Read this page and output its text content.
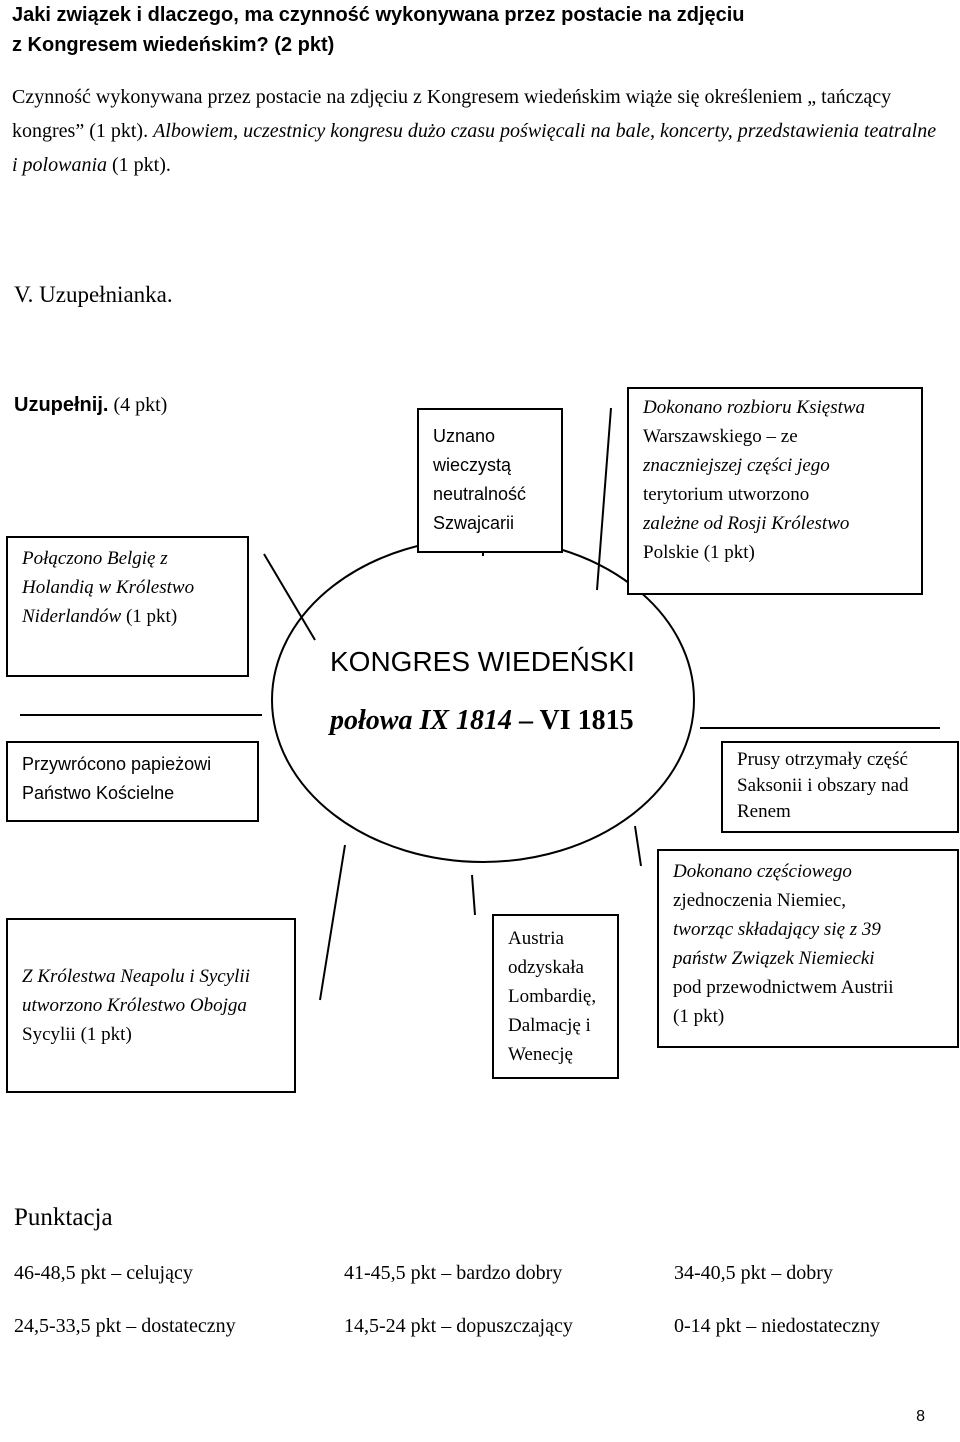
Jaki związek i dlaczego, ma czynność wykonywana przez postacie na zdjęciu
z Kongresem wiedeńskim? (2 pkt)
Czynność wykonywana przez postacie na zdjęciu z Kongresem wiedeńskim wiąże się określeniem „ tańczący kongres” (1 pkt). Albowiem, uczestnicy kongresu dużo czasu poświęcali na bale, koncerty, przedstawienia teatralne i polowania (1 pkt).
V. Uzupełnianka.
Uzupełnij. (4 pkt)
KONGRES WIEDEŃSKI
połowa IX 1814 – VI 1815
Połączono Belgię z Holandią w Królestwo Niderlandów (1 pkt)
Uznano wieczystą neutralność Szwajcarii
Dokonano rozbioru Księstwa
Warszawskiego – ze
znaczniejszej części jego
terytorium utworzono
zależne od Rosji Królestwo
Polskie (1 pkt)
Przywrócono papieżowi Państwo Kościelne
Prusy otrzymały część Saksonii i obszary nad Renem
Z Królestwa Neapolu i Sycylii utworzono Królestwo Obojga Sycylii (1 pkt)
Austria odzyskała Lombardię, Dalmację i Wenecję
Dokonano częściowego
zjednoczenia Niemiec,
tworząc składający się z 39
państw Związek Niemiecki
pod przewodnictwem Austrii
(1 pkt)
Punktacja
46-48,5 pkt – celujący	41-45,5 pkt – bardzo dobry	34-40,5 pkt – dobry
24,5-33,5 pkt – dostateczny	14,5-24 pkt – dopuszczający	0-14 pkt – niedostateczny
8
